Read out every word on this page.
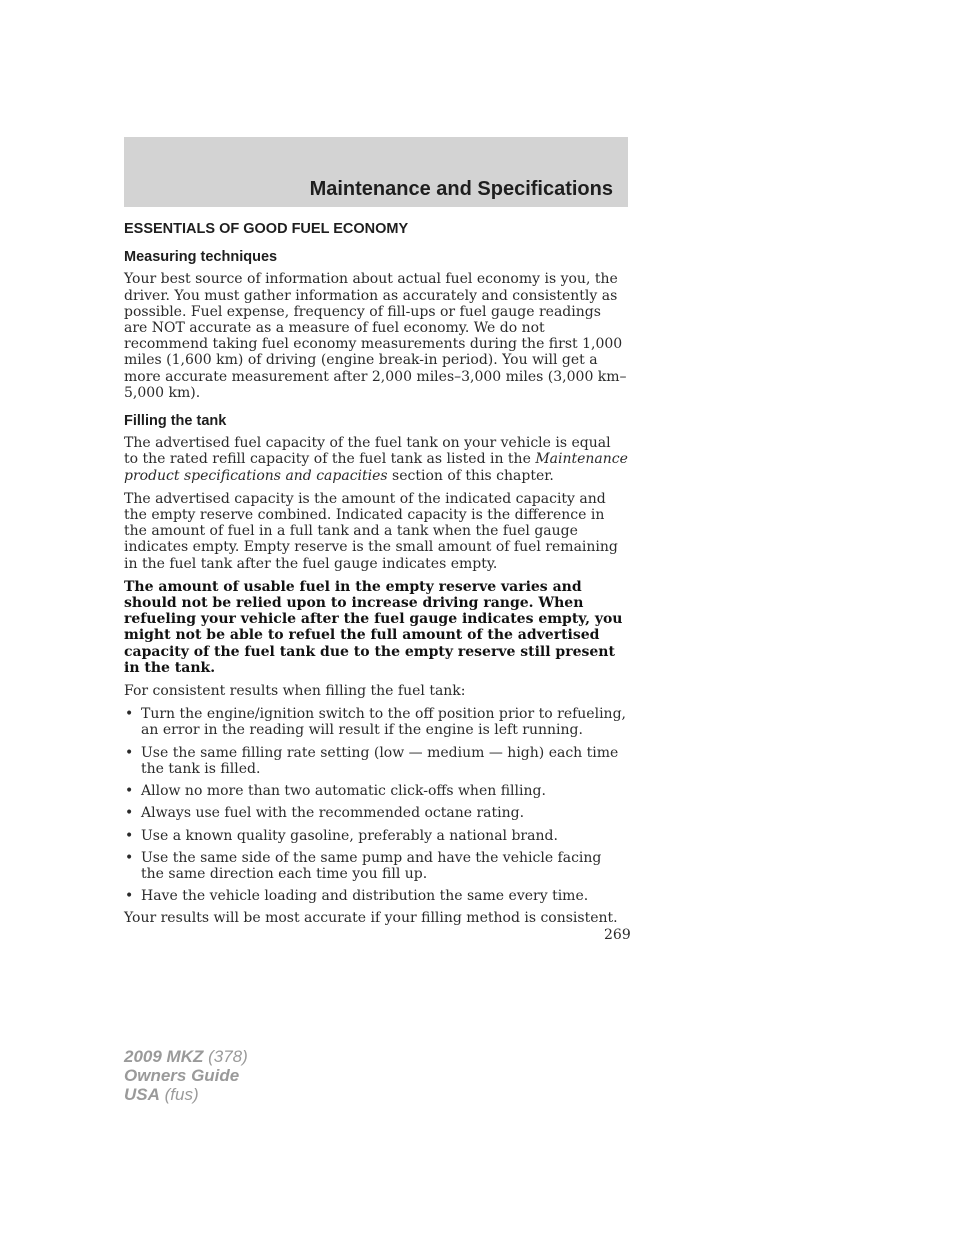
Maintenance and Specifications
ESSENTIALS OF GOOD FUEL ECONOMY
Measuring techniques

Your best source of information about actual fuel economy is you, the driver. You must gather information as accurately and consistently as possible. Fuel expense, frequency of fill-ups or fuel gauge readings are NOT accurate as a measure of fuel economy. We do not recommend taking fuel economy measurements during the first 1,000 miles (1,600 km) of driving (engine break-in period). You will get a more accurate measurement after 2,000 miles–3,000 miles (3,000 km–5,000 km).

Filling the tank

The advertised fuel capacity of the fuel tank on your vehicle is equal to the rated refill capacity of the fuel tank as listed in the Maintenance product specifications and capacities section of this chapter.

The advertised capacity is the amount of the indicated capacity and the empty reserve combined. Indicated capacity is the difference in the amount of fuel in a full tank and a tank when the fuel gauge indicates empty. Empty reserve is the small amount of fuel remaining in the fuel tank after the fuel gauge indicates empty.

The amount of usable fuel in the empty reserve varies and should not be relied upon to increase driving range. When refueling your vehicle after the fuel gauge indicates empty, you might not be able to refuel the full amount of the advertised capacity of the fuel tank due to the empty reserve still present in the tank.

For consistent results when filling the fuel tank:

• Turn the engine/ignition switch to the off position prior to refueling, an error in the reading will result if the engine is left running.
• Use the same filling rate setting (low — medium — high) each time the tank is filled.
• Allow no more than two automatic click-offs when filling.
• Always use fuel with the recommended octane rating.
• Use a known quality gasoline, preferably a national brand.
• Use the same side of the same pump and have the vehicle facing the same direction each time you fill up.
• Have the vehicle loading and distribution the same every time.

Your results will be most accurate if your filling method is consistent.

269
2009 MKZ (378)
Owners Guide
USA (fus)
